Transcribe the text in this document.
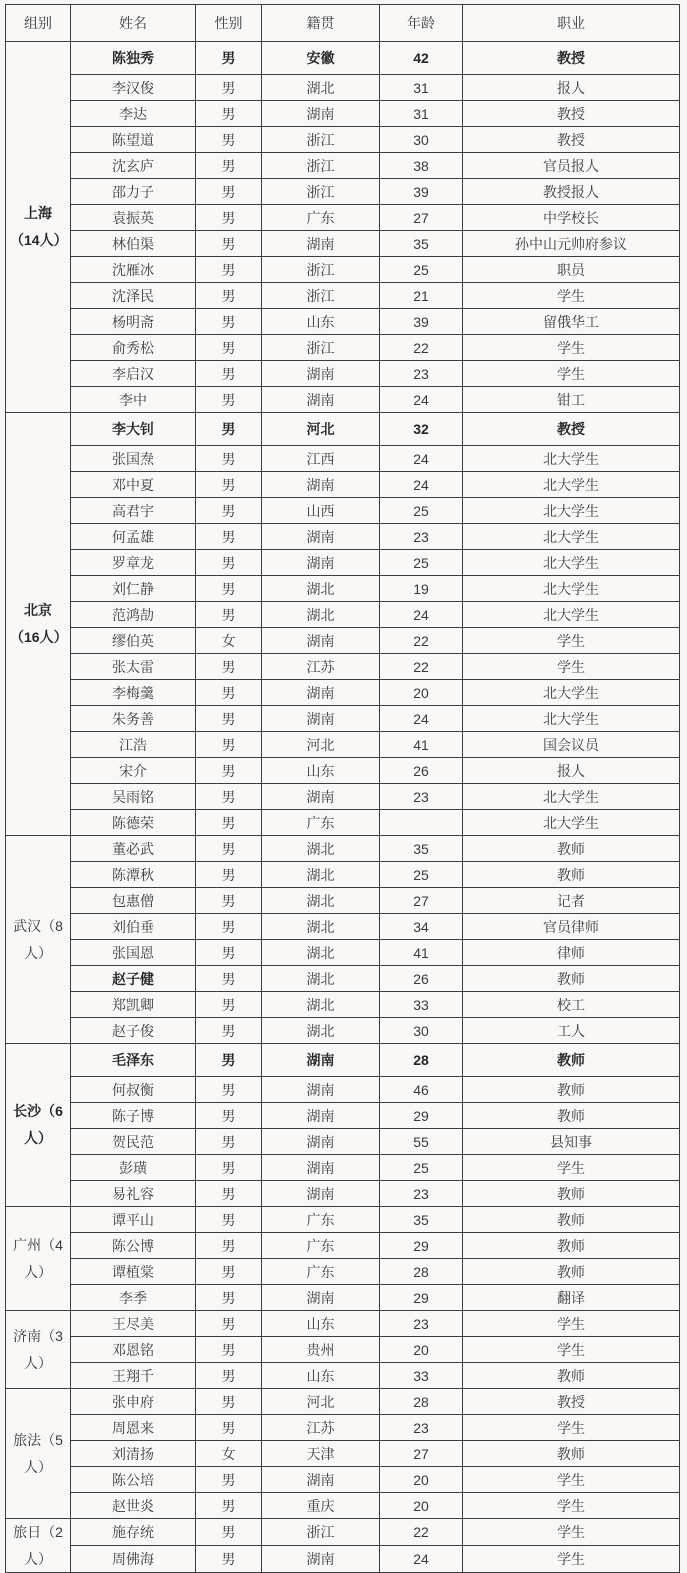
组别	姓名	性别	籍贯	年龄	职业
上海（14人）	陈独秀	男	安徽	42	教授
	李汉俊	男	湖北	31	报人
	李达	男	湖南	31	教授
	陈望道	男	浙江	30	教授
	沈玄庐	男	浙江	38	官员报人
	邵力子	男	浙江	39	教授报人
	袁振英	男	广东	27	中学校长
	林伯渠	男	湖南	35	孙中山元帅府参议
	沈雁冰	男	浙江	25	职员
	沈泽民	男	浙江	21	学生
	杨明斋	男	山东	39	留俄华工
	俞秀松	男	浙江	22	学生
	李启汉	男	湖南	23	学生
	李中	男	湖南	24	钳工
北京（16人）	李大钊	男	河北	32	教授
	张国焘	男	江西	24	北大学生
	邓中夏	男	湖南	24	北大学生
	高君宇	男	山西	25	北大学生
	何孟雄	男	湖南	23	北大学生
	罗章龙	男	湖南	25	北大学生
	刘仁静	男	湖北	19	北大学生
	范鸿劼	男	湖北	24	北大学生
	缪伯英	女	湖南	22	学生
	张太雷	男	江苏	22	学生
	李梅羹	男	湖南	20	北大学生
	朱务善	男	湖南	24	北大学生
	江浩	男	河北	41	国会议员
	宋介	男	山东	26	报人
	吴雨铭	男	湖南	23	北大学生
	陈德荣	男	广东		北大学生
武汉（8人）	董必武	男	湖北	35	教师
	陈潭秋	男	湖北	25	教师
	包惠僧	男	湖北	27	记者
	刘伯垂	男	湖北	34	官员律师
	张国恩	男	湖北	41	律师
	赵子健	男	湖北	26	教师
	郑凯卿	男	湖北	33	校工
	赵子俊	男	湖北	30	工人
长沙（6人）	毛泽东	男	湖南	28	教师
	何叔衡	男	湖南	46	教师
	陈子博	男	湖南	29	教师
	贺民范	男	湖南	55	县知事
	彭璜	男	湖南	25	学生
	易礼容	男	湖南	23	教师
广州（4人）	谭平山	男	广东	35	教师
	陈公博	男	广东	29	教师
	谭植棠	男	广东	28	教师
	李季	男	湖南	29	翻译
济南（3人）	王尽美	男	山东	23	学生
	邓恩铭	男	贵州	20	学生
	王翔千	男	山东	33	教师
旅法（5人）	张申府	男	河北	28	教授
	周恩来	男	江苏	23	学生
	刘清扬	女	天津	27	教师
	陈公培	男	湖南	20	学生
	赵世炎	男	重庆	20	学生
旅日（2人）	施存统	男	浙江	22	学生
	周佛海	男	湖南	24	学生
